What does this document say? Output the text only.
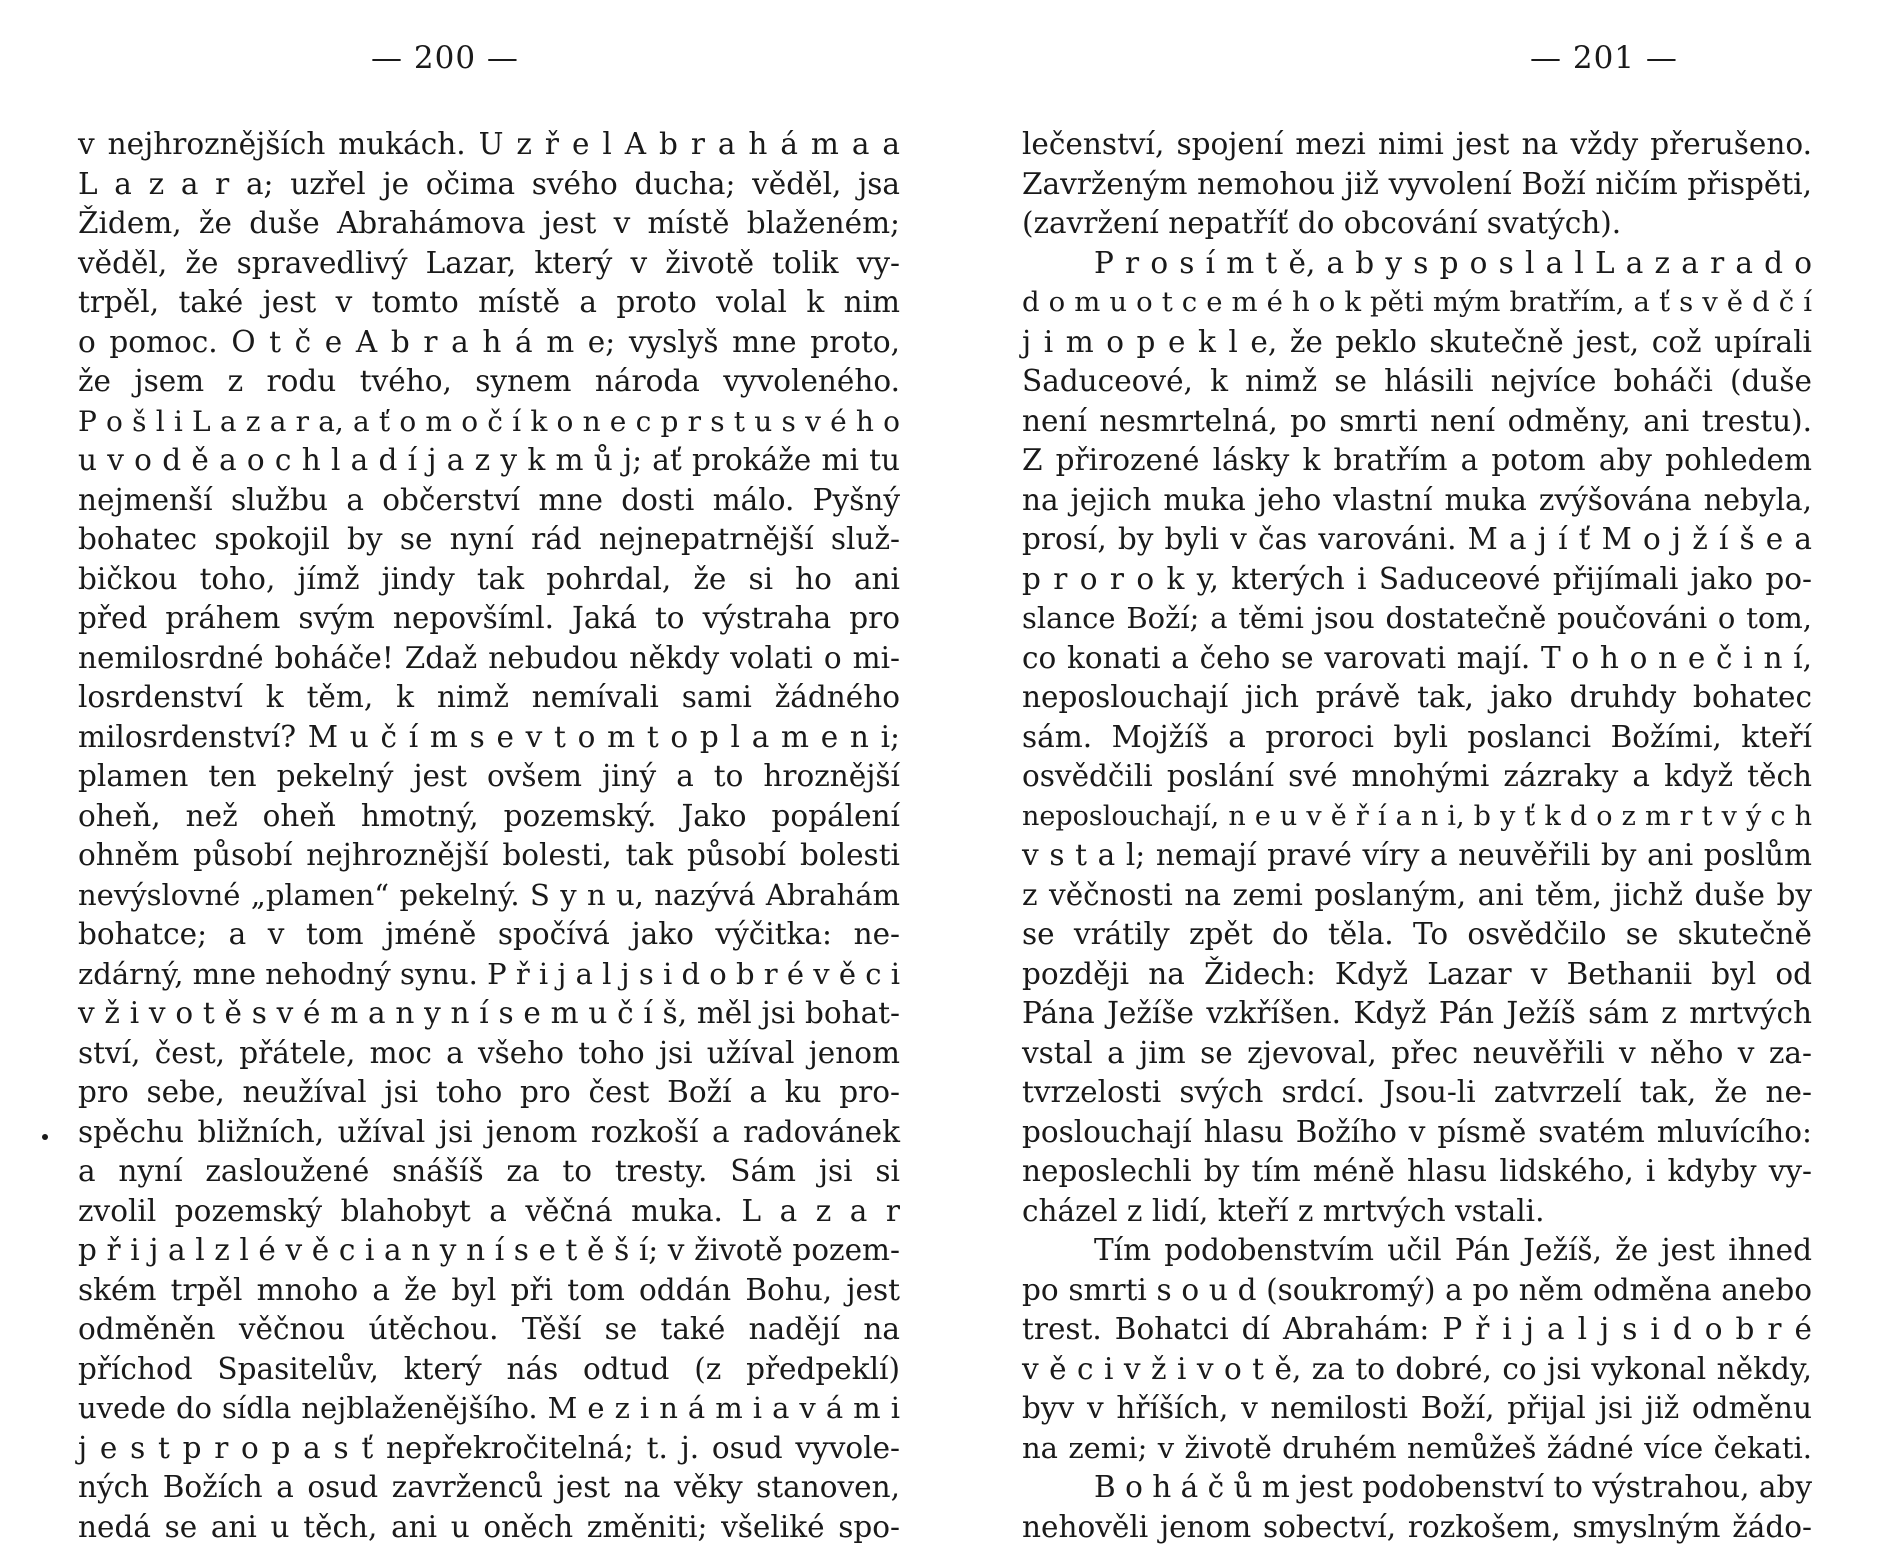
— 200 —
v nejhroznějších mukách. U z ř e l A b r a h á m a a
L a z a r a; uzřel je očima svého ducha; věděl, jsa
Židem, že duše Abrahámova jest v místě blaženém;
věděl, že spravedlivý Lazar, který v životě tolik vy-
trpěl, také jest v tomto místě a proto volal k nim
o pomoc. O t č e A b r a h á m e; vyslyš mne proto,
že jsem z rodu tvého, synem národa vyvoleného.
P o š l i L a z a r a, a ť o m o č í k o n e c p r s t u s v é h o
u v o d ě a o c h l a d í j a z y k m ů j; ať prokáže mi tu
nejmenší službu a občerství mne dosti málo. Pyšný
bohatec spokojil by se nyní rád nejnepatrnější služ-
bičkou toho, jímž jindy tak pohrdal, že si ho ani
před práhem svým nepovšíml. Jaká to výstraha pro
nemilosrdné boháče! Zdaž nebudou někdy volati o mi-
losrdenství k těm, k nimž nemívali sami žádného
milosrdenství? M u č í m s e v t o m t o p l a m e n i;
plamen ten pekelný jest ovšem jiný a to hroznější
oheň, než oheň hmotný, pozemský. Jako popálení
ohněm působí nejhroznější bolesti, tak působí bolesti
nevýslovné „plamen“ pekelný. S y n u, nazývá Abrahám
bohatce; a v tom jméně spočívá jako výčitka: ne-
zdárný, mne nehodný synu. P ř i j a l j s i d o b r é v ě c i
v ž i v o t ě s v é m a n y n í s e m u č í š, měl jsi bohat-
ství, čest, přátele, moc a všeho toho jsi užíval jenom
pro sebe, neužíval jsi toho pro čest Boží a ku pro-
spěchu bližních, užíval jsi jenom rozkoší a radovánek
a nyní zasloužené snášíš za to tresty. Sám jsi si
zvolil pozemský blahobyt a věčná muka. L a z a r
p ř i j a l z l é v ě c i a n y n í s e t ě š í; v životě pozem-
ském trpěl mnoho a že byl při tom oddán Bohu, jest
odměněn věčnou útěchou. Těší se také nadějí na
příchod Spasitelův, který nás odtud (z předpeklí)
uvede do sídla nejblaženějšího. M e z i n á m i a v á m i
j e s t p r o p a s ť nepřekročitelná; t. j. osud vyvole-
ných Božích a osud zavrženců jest na věky stanoven,
nedá se ani u těch, ani u oněch změniti; všeliké spo-
— 201 —
lečenství, spojení mezi nimi jest na vždy přerušeno.
Zavrženým nemohou již vyvolení Boží ničím přispěti,
(zavržení nepatříť do obcování svatých).
P r o s í m t ě, a b y s p o s l a l L a z a r a d o
d o m u o t c e m é h o k pěti mým bratřím, a ť s v ě d č í
j i m o p e k l e, že peklo skutečně jest, což upírali
Saduceové, k nimž se hlásili nejvíce boháči (duše
není nesmrtelná, po smrti není odměny, ani trestu).
Z přirozené lásky k bratřím a potom aby pohledem
na jejich muka jeho vlastní muka zvýšována nebyla,
prosí, by byli v čas varováni. M a j í ť M o j ž í š e a
p r o r o k y, kterých i Saduceové přijímali jako po-
slance Boží; a těmi jsou dostatečně poučováni o tom,
co konati a čeho se varovati mají. T o h o n e č i n í,
neposlouchají jich právě tak, jako druhdy bohatec
sám. Mojžíš a proroci byli poslanci Božími, kteří
osvědčili poslání své mnohými zázraky a když těch
neposlouchají, n e u v ě ř í a n i, b y ť k d o z m r t v ý c h
v s t a l; nemají pravé víry a neuvěřili by ani poslům
z věčnosti na zemi poslaným, ani těm, jichž duše by
se vrátily zpět do těla. To osvědčilo se skutečně
později na Židech: Když Lazar v Bethanii byl od
Pána Ježíše vzkříšen. Když Pán Ježíš sám z mrtvých
vstal a jim se zjevoval, přec neuvěřili v něho v za-
tvrzelosti svých srdcí. Jsou-li zatvrzelí tak, že ne-
poslouchají hlasu Božího v písmě svatém mluvícího:
neposlechli by tím méně hlasu lidského, i kdyby vy-
cházel z lidí, kteří z mrtvých vstali.
Tím podobenstvím učil Pán Ježíš, že jest ihned
po smrti s o u d (soukromý) a po něm odměna anebo
trest. Bohatci dí Abrahám: P ř i j a l j s i d o b r é
v ě c i v ž i v o t ě, za to dobré, co jsi vykonal někdy,
byv v hříších, v nemilosti Boží, přijal jsi již odměnu
na zemi; v životě druhém nemůžeš žádné více čekati.
B o h á č ů m jest podobenství to výstrahou, aby
nehověli jenom sobectví, rozkošem, smyslným žádo-
